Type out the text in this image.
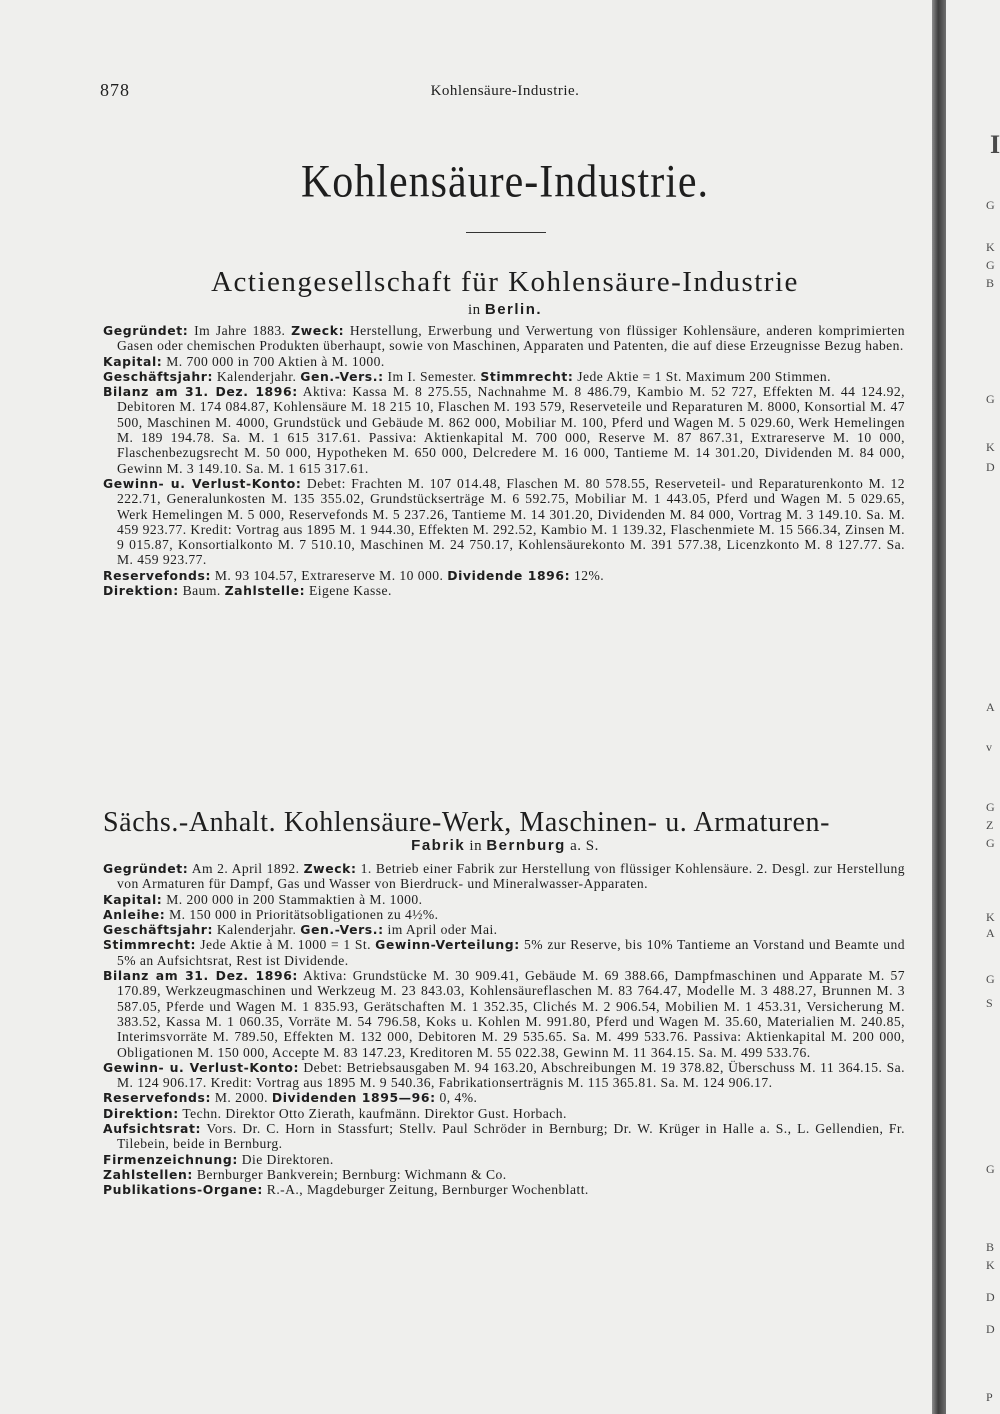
878	Kohlensäure-Industrie.
Kohlensäure-Industrie.
Actiengesellschaft für Kohlensäure-Industrie
in Berlin.

Gegründet: Im Jahre 1883. Zweck: Herstellung, Erwerbung und Verwertung von flüssiger Kohlensäure, anderen komprimierten Gasen oder chemischen Produkten überhaupt, sowie von Maschinen, Apparaten und Patenten, die auf diese Erzeugnisse Bezug haben.

Kapital: M. 700 000 in 700 Aktien à M. 1000.

Geschäftsjahr: Kalenderjahr. Gen.-Vers.: Im I. Semester. Stimmrecht: Jede Aktie = 1 St. Maximum 200 Stimmen.

Bilanz am 31. Dez. 1896: Aktiva: Kassa M. 8 275.55, Nachnahme M. 8 486.79, Kambio M. 52 727, Effekten M. 44 124.92, Debitoren M. 174 084.87, Kohlensäure M. 18 215 10, Flaschen M. 193 579, Reserveteile und Reparaturen M. 8000, Konsortial M. 47 500, Maschinen M. 4000, Grundstück und Gebäude M. 862 000, Mobiliar M. 100, Pferd und Wagen M. 5 029.60, Werk Hemelingen M. 189 194.78. Sa. M. 1 615 317.61. Passiva: Aktienkapital M. 700 000, Reserve M. 87 867.31, Extrareserve M. 10 000, Flaschenbezugsrecht M. 50 000, Hypotheken M. 650 000, Delcredere M. 16 000, Tantieme M. 14 301.20, Dividenden M. 84 000, Gewinn M. 3 149.10. Sa. M. 1 615 317.61.

Gewinn- u. Verlust-Konto: Debet: Frachten M. 107 014.48, Flaschen M. 80 578.55, Reserveteil- und Reparaturenkonto M. 12 222.71, Generalunkosten M. 135 355.02, Grundstückserträge M. 6 592.75, Mobiliar M. 1 443.05, Pferd und Wagen M. 5 029.65, Werk Hemelingen M. 5 000, Reservefonds M. 5 237.26, Tantieme M. 14 301.20, Dividenden M. 84 000, Vortrag M. 3 149.10. Sa. M. 459 923.77. Kredit: Vortrag aus 1895 M. 1 944.30, Effekten M. 292.52, Kambio M. 1 139.32, Flaschenmiete M. 15 566.34, Zinsen M. 9 015.87, Konsortialkonto M. 7 510.10, Maschinen M. 24 750.17, Kohlensäurekonto M. 391 577.38, Licenzkonto M. 8 127.77. Sa. M. 459 923.77.

Reservefonds: M. 93 104.57, Extrareserve M. 10 000. Dividende 1896: 12%.

Direktion: Baum. Zahlstelle: Eigene Kasse.

Sächs.-Anhalt. Kohlensäure-Werk, Maschinen- u. Armaturen-
Fabrik in Bernburg a. S.

Gegründet: Am 2. April 1892. Zweck: 1. Betrieb einer Fabrik zur Herstellung von flüssiger Kohlensäure. 2. Desgl. zur Herstellung von Armaturen für Dampf, Gas und Wasser von Bierdruck- und Mineralwasser-Apparaten.

Kapital: M. 200 000 in 200 Stammaktien à M. 1000.

Anleihe: M. 150 000 in Prioritätsobligationen zu 4½%.

Geschäftsjahr: Kalenderjahr. Gen.-Vers.: im April oder Mai.

Stimmrecht: Jede Aktie à M. 1000 = 1 St. Gewinn-Verteilung: 5% zur Reserve, bis 10% Tantieme an Vorstand und Beamte und 5% an Aufsichtsrat, Rest ist Dividende.

Bilanz am 31. Dez. 1896: Aktiva: Grundstücke M. 30 909.41, Gebäude M. 69 388.66, Dampfmaschinen und Apparate M. 57 170.89, Werkzeugmaschinen und Werkzeug M. 23 843.03, Kohlensäureflaschen M. 83 764.47, Modelle M. 3 488.27, Brunnen M. 3 587.05, Pferde und Wagen M. 1 835.93, Gerätschaften M. 1 352.35, Clichés M. 2 906.54, Mobilien M. 1 453.31, Versicherung M. 383.52, Kassa M. 1 060.35, Vorräte M. 54 796.58, Koks u. Kohlen M. 991.80, Pferd und Wagen M. 35.60, Materialien M. 240.85, Interimsvorräte M. 789.50, Effekten M. 132 000, Debitoren M. 29 535.65. Sa. M. 499 533.76. Passiva: Aktienkapital M. 200 000, Obligationen M. 150 000, Accepte M. 83 147.23, Kreditoren M. 55 022.38, Gewinn M. 11 364.15. Sa. M. 499 533.76.

Gewinn- u. Verlust-Konto: Debet: Betriebsausgaben M. 94 163.20, Abschreibungen M. 19 378.82, Überschuss M. 11 364.15. Sa. M. 124 906.17. Kredit: Vortrag aus 1895 M. 9 540.36, Fabrikationserträgnis M. 115 365.81. Sa. M. 124 906.17.

Reservefonds: M. 2000. Dividenden 1895—96: 0, 4%.

Direktion: Techn. Direktor Otto Zierath, kaufmänn. Direktor Gust. Horbach.

Aufsichtsrat: Vors. Dr. C. Horn in Stassfurt; Stellv. Paul Schröder in Bernburg; Dr. W. Krüger in Halle a. S., L. Gellendien, Fr. Tilebein, beide in Bernburg.

Firmenzeichnung: Die Direktoren.

Zahlstellen: Bernburger Bankverein; Bernburg: Wichmann & Co.

Publikations-Organe: R.-A., Magdeburger Zeitung, Bernburger Wochenblatt.

I
G
K
G
B
G
K
D
A
v
G
Z
G
K
A
G
S
G
B
K
D
D
P
